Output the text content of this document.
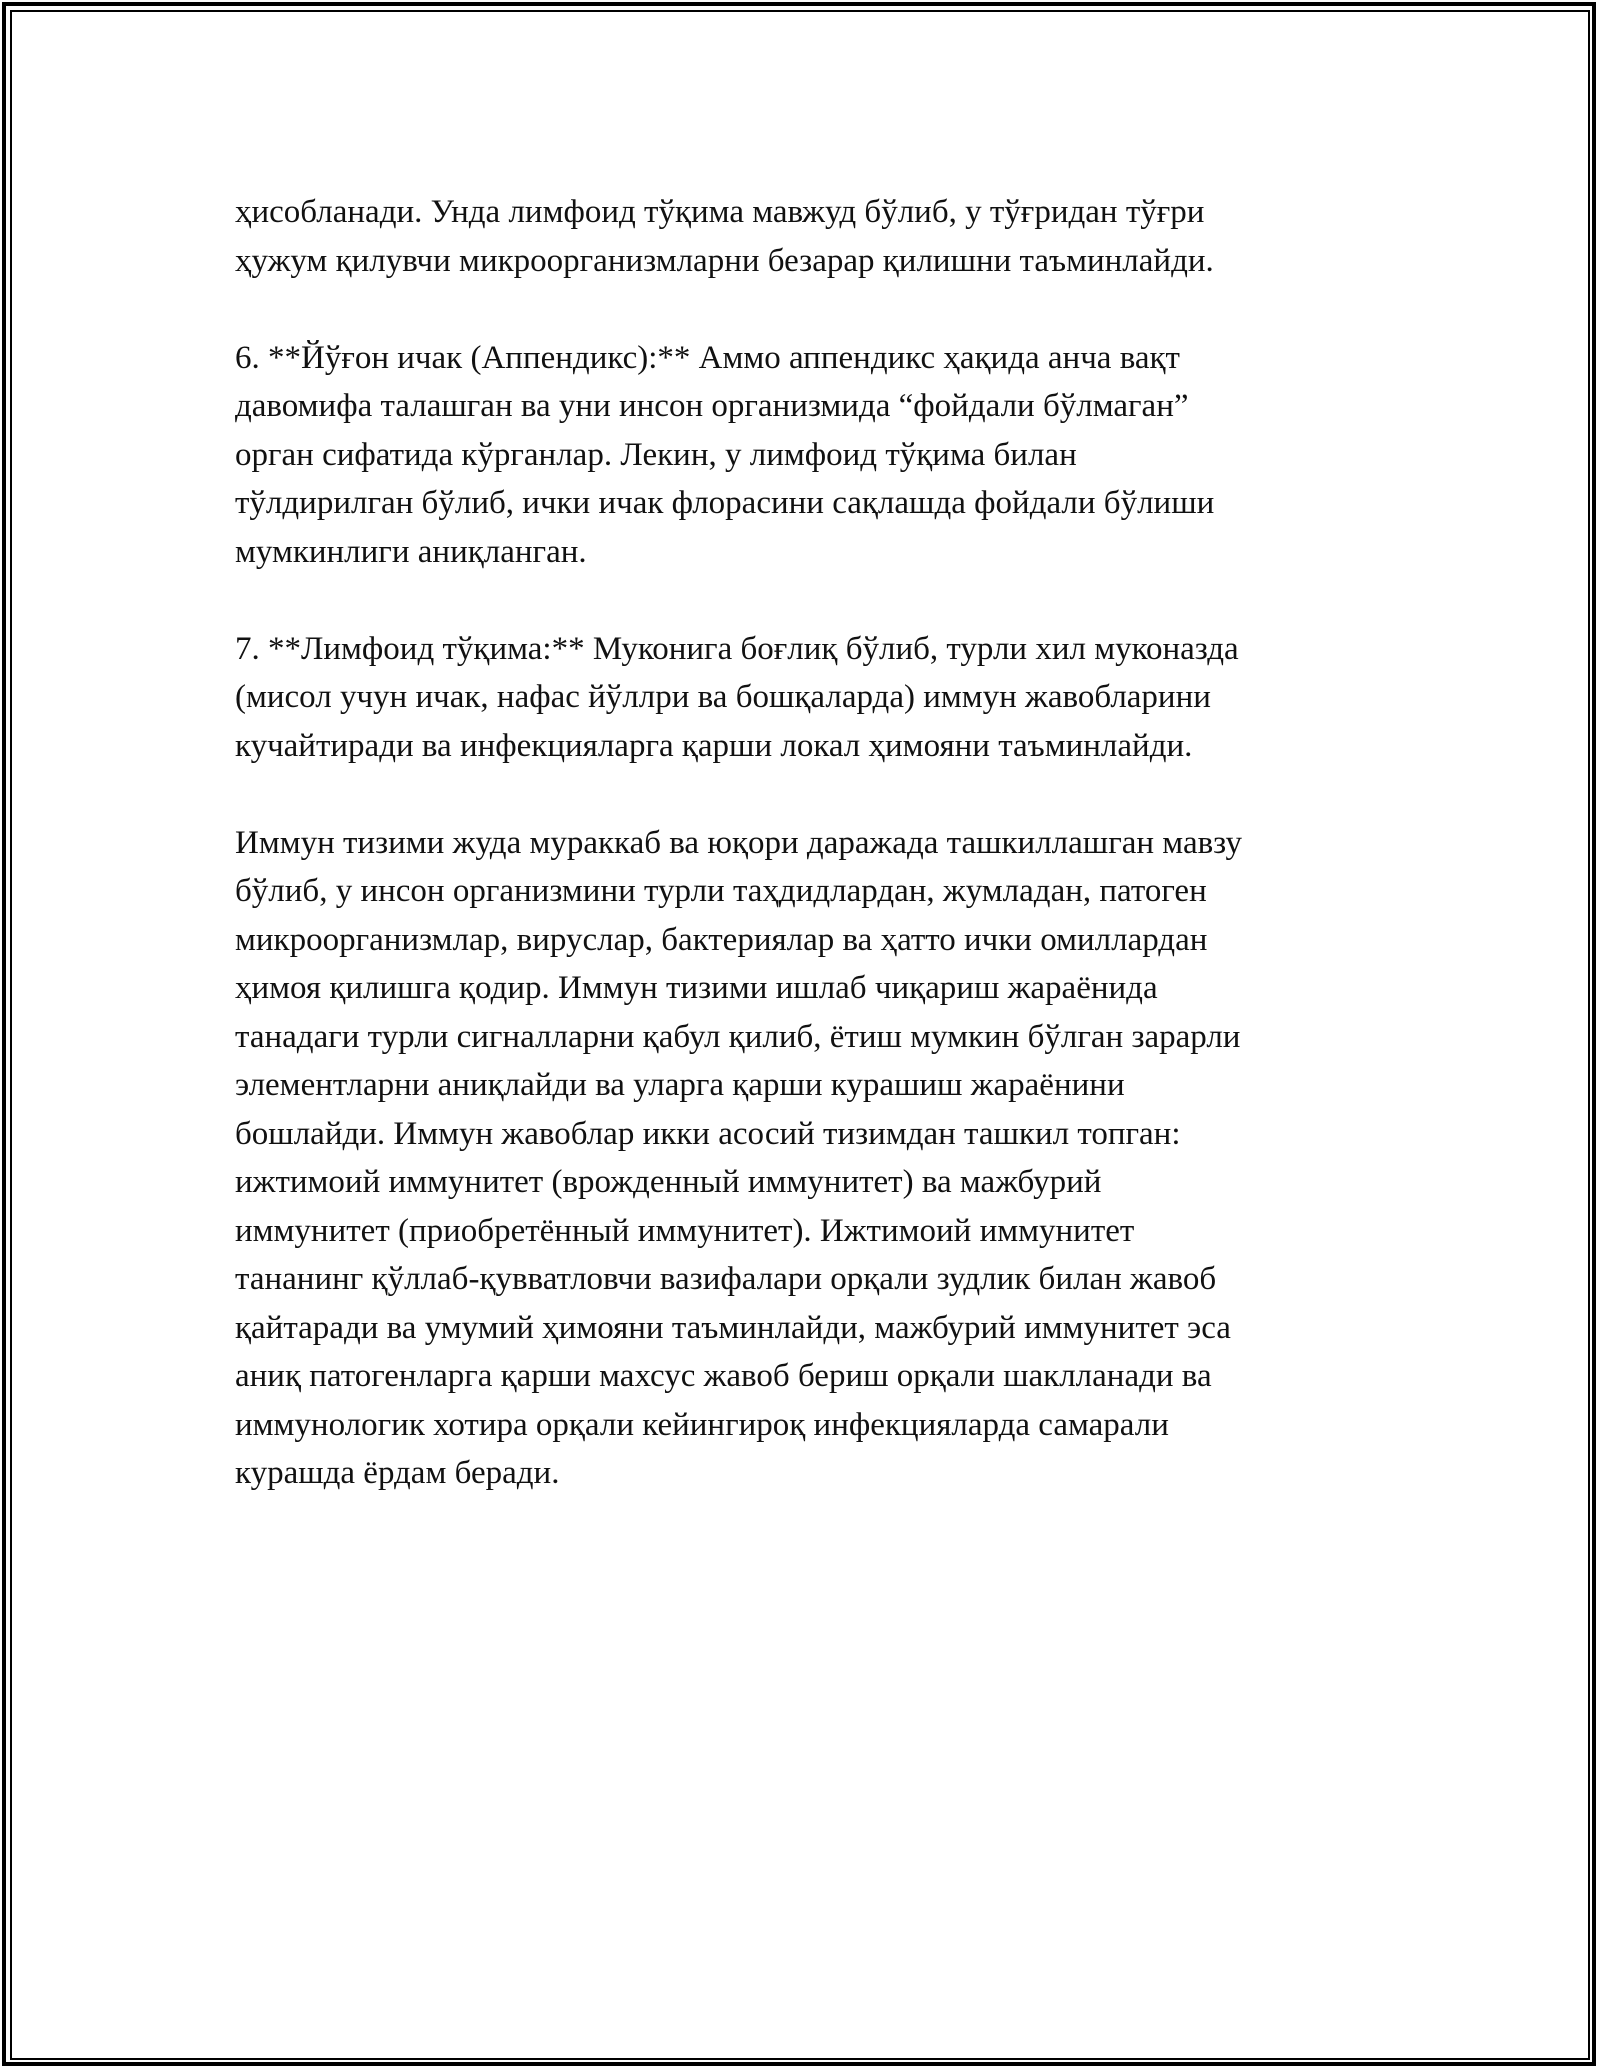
ҳисобланади. Унда лимфоид тўқима мавжуд бўлиб, у тўғридан тўғри
ҳужум қилувчи микроорганизмларни безарар қилишни таъминлайди.

6. **Йўғон ичак (Аппендикс):** Аммо аппендикс ҳақида анча вақт
давомифа талашган ва уни инсон организмида “фойдали бўлмаган”
орган сифатида кўрганлар. Лекин, у лимфоид тўқима билан
тўлдирилган бўлиб, ички ичак флорасини сақлашда фойдали бўлиши
мумкинлиги аниқланган.

7. **Лимфоид тўқима:** Муконига боғлиқ бўлиб, турли хил муконазда
(мисол учун ичак, нафас йўллри ва бошқаларда) иммун жавобларини
кучайтиради ва инфекцияларга қарши локал ҳимояни таъминлайди.

Иммун тизими жуда мураккаб ва юқори даражада ташкиллашган мавзу
бўлиб, у инсон организмини турли таҳдидлардан, жумладан, патоген
микроорганизмлар, вируслар, бактериялар ва ҳатто ички омиллардан
ҳимоя қилишга қодир. Иммун тизими ишлаб чиқариш жараёнида
танадаги турли сигналларни қабул қилиб, ётиш мумкин бўлган зарарли
элементларни аниқлайди ва уларга қарши курашиш жараёнини
бошлайди. Иммун жавоблар икки асосий тизимдан ташкил топган:
ижтимоий иммунитет (врожденный иммунитет) ва мажбурий
иммунитет (приобретённый иммунитет). Ижтимоий иммунитет
тананинг қўллаб-қувватловчи вазифалари орқали зудлик билан жавоб
қайтаради ва умумий ҳимояни таъминлайди, мажбурий иммунитет эса
аниқ патогенларга қарши махсус жавоб бериш орқали шаклланади ва
иммунологик хотира орқали кейингироқ инфекцияларда самарали
курашда ёрдам беради.
